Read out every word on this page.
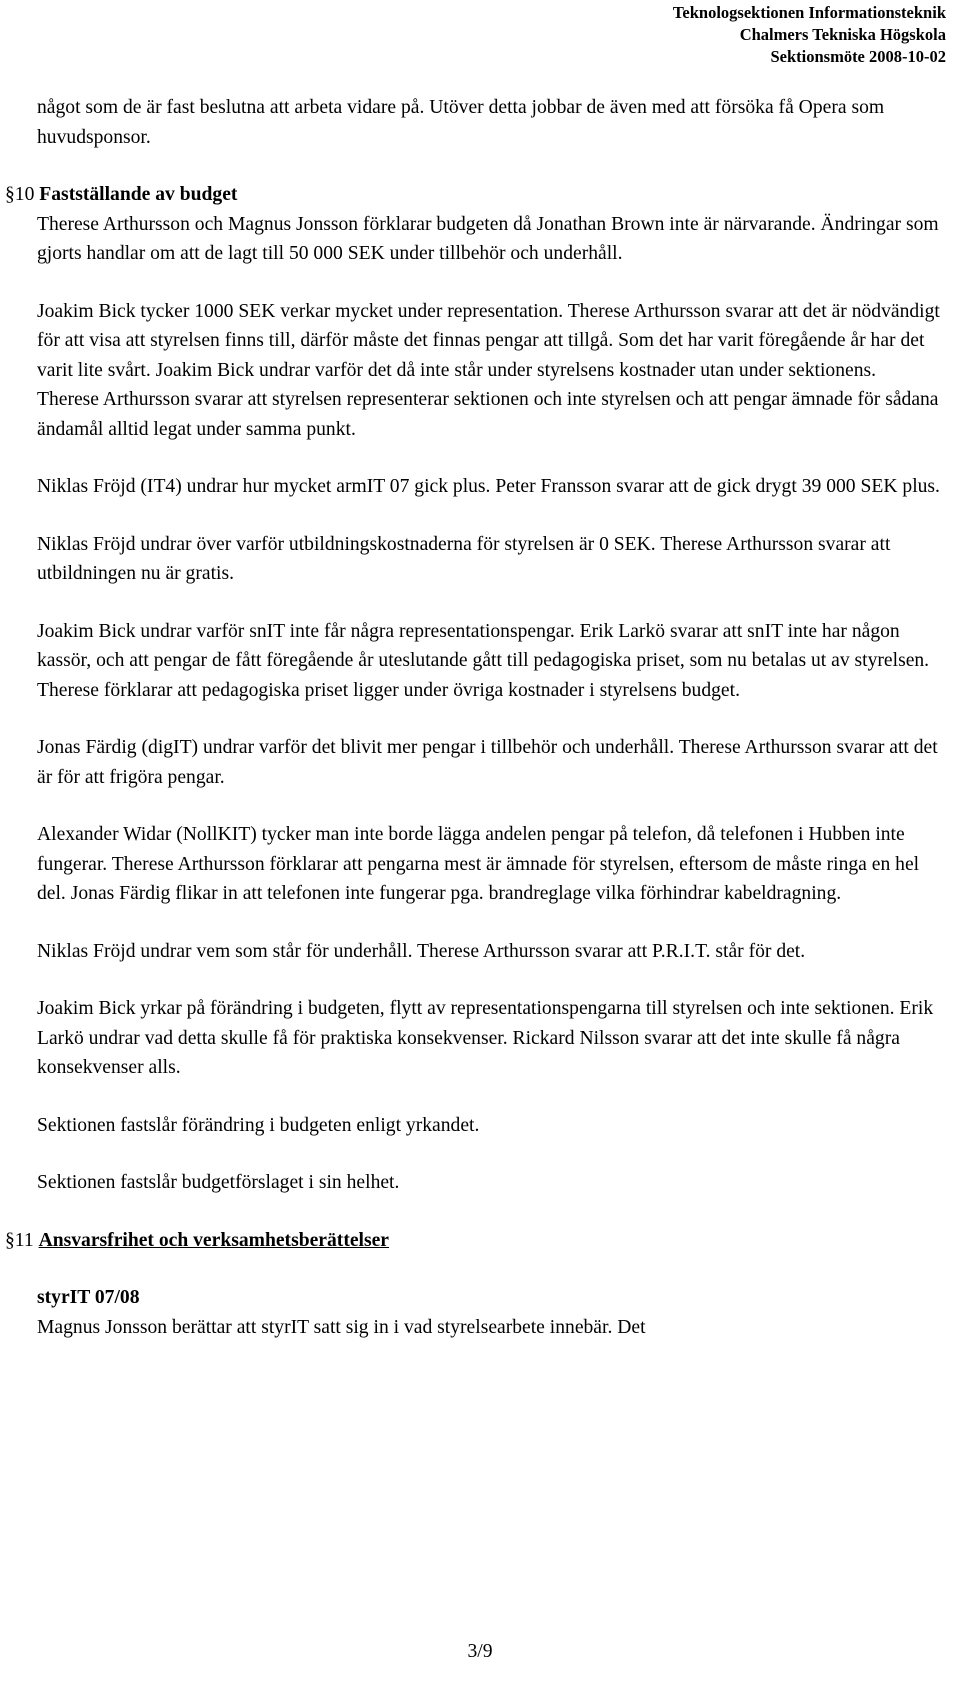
Teknologsektionen Informationsteknik
Chalmers Tekniska Högskola
Sektionsmöte 2008-10-02

något som de är fast beslutna att arbeta vidare på. Utöver detta jobbar de även med att försöka få Opera som huvudsponsor.

§10 Fastställande av budget

Therese Arthursson och Magnus Jonsson förklarar budgeten då Jonathan Brown inte är närvarande. Ändringar som gjorts handlar om att de lagt till 50 000 SEK under tillbehör och underhåll.

Joakim Bick tycker 1000 SEK verkar mycket under representation. Therese Arthursson svarar att det är nödvändigt för att visa att styrelsen finns till, därför måste det finnas pengar att tillgå. Som det har varit föregående år har det varit lite svårt. Joakim Bick undrar varför det då inte står under styrelsens kostnader utan under sektionens. Therese Arthursson svarar att styrelsen representerar sektionen och inte styrelsen och att pengar ämnade för sådana ändamål alltid legat under samma punkt.

Niklas Fröjd (IT4) undrar hur mycket armIT 07 gick plus. Peter Fransson svarar att de gick drygt 39 000 SEK plus.

Niklas Fröjd undrar över varför utbildningskostnaderna för styrelsen är 0 SEK. Therese Arthursson svarar att utbildningen nu är gratis.

Joakim Bick undrar varför snIT inte får några representationspengar. Erik Larkö svarar att snIT inte har någon kassör, och att pengar de fått föregående år uteslutande gått till pedagogiska priset, som nu betalas ut av styrelsen. Therese förklarar att pedagogiska priset ligger under övriga kostnader i styrelsens budget.

Jonas Färdig (digIT) undrar varför det blivit mer pengar i tillbehör och underhåll. Therese Arthursson svarar att det är för att frigöra pengar.

Alexander Widar (NollKIT) tycker man inte borde lägga andelen pengar på telefon, då telefonen i Hubben inte fungerar. Therese Arthursson förklarar att pengarna mest är ämnade för styrelsen, eftersom de måste ringa en hel del. Jonas Färdig flikar in att telefonen inte fungerar pga. brandreglage vilka förhindrar kabeldragning.

Niklas Fröjd undrar vem som står för underhåll. Therese Arthursson svarar att P.R.I.T. står för det.

Joakim Bick yrkar på förändring i budgeten, flytt av representationspengarna till styrelsen och inte sektionen. Erik Larkö undrar vad detta skulle få för praktiska konsekvenser. Rickard Nilsson svarar att det inte skulle få några konsekvenser alls.

Sektionen fastslår förändring i budgeten enligt yrkandet.

Sektionen fastslår budgetförslaget i sin helhet.

§11 Ansvarsfrihet och verksamhetsberättelser

styrIT 07/08

Magnus Jonsson berättar att styrIT satt sig in i vad styrelsearbete innebär. Det

3/9
